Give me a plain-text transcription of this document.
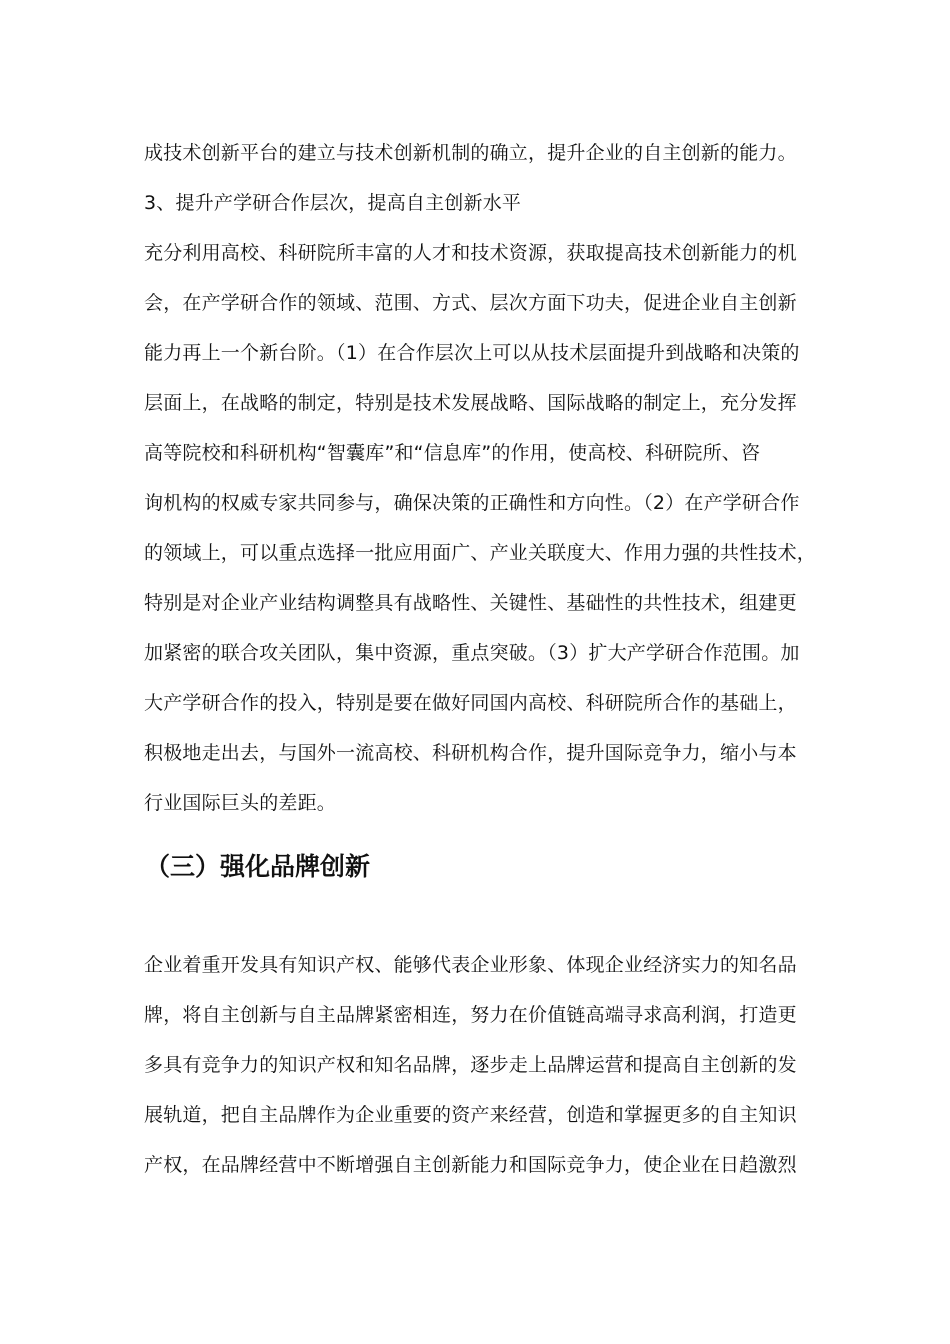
成技术创新平台的建立与技术创新机制的确立，提升企业的自主创新的能力。
3、提升产学研合作层次，提高自主创新水平
充分利用高校、科研院所丰富的人才和技术资源，获取提高技术创新能力的机
会，在产学研合作的领域、范围、方式、层次方面下功夫，促进企业自主创新
能力再上一个新台阶。（1）在合作层次上可以从技术层面提升到战略和决策的
层面上，在战略的制定，特别是技术发展战略、国际战略的制定上，充分发挥
高等院校和科研机构“智囊库”和“信息库”的作用，使高校、科研院所、咨
询机构的权威专家共同参与，确保决策的正确性和方向性。（2）在产学研合作
的领域上，可以重点选择一批应用面广、产业关联度大、作用力强的共性技术，
特别是对企业产业结构调整具有战略性、关键性、基础性的共性技术，组建更
加紧密的联合攻关团队，集中资源，重点突破。（3）扩大产学研合作范围。加
大产学研合作的投入，特别是要在做好同国内高校、科研院所合作的基础上，
积极地走出去，与国外一流高校、科研机构合作，提升国际竞争力，缩小与本
行业国际巨头的差距。
（三）强化品牌创新
企业着重开发具有知识产权、能够代表企业形象、体现企业经济实力的知名品
牌，将自主创新与自主品牌紧密相连，努力在价值链高端寻求高利润，打造更
多具有竞争力的知识产权和知名品牌，逐步走上品牌运营和提高自主创新的发
展轨道，把自主品牌作为企业重要的资产来经营，创造和掌握更多的自主知识
产权，在品牌经营中不断增强自主创新能力和国际竞争力，使企业在日趋激烈
